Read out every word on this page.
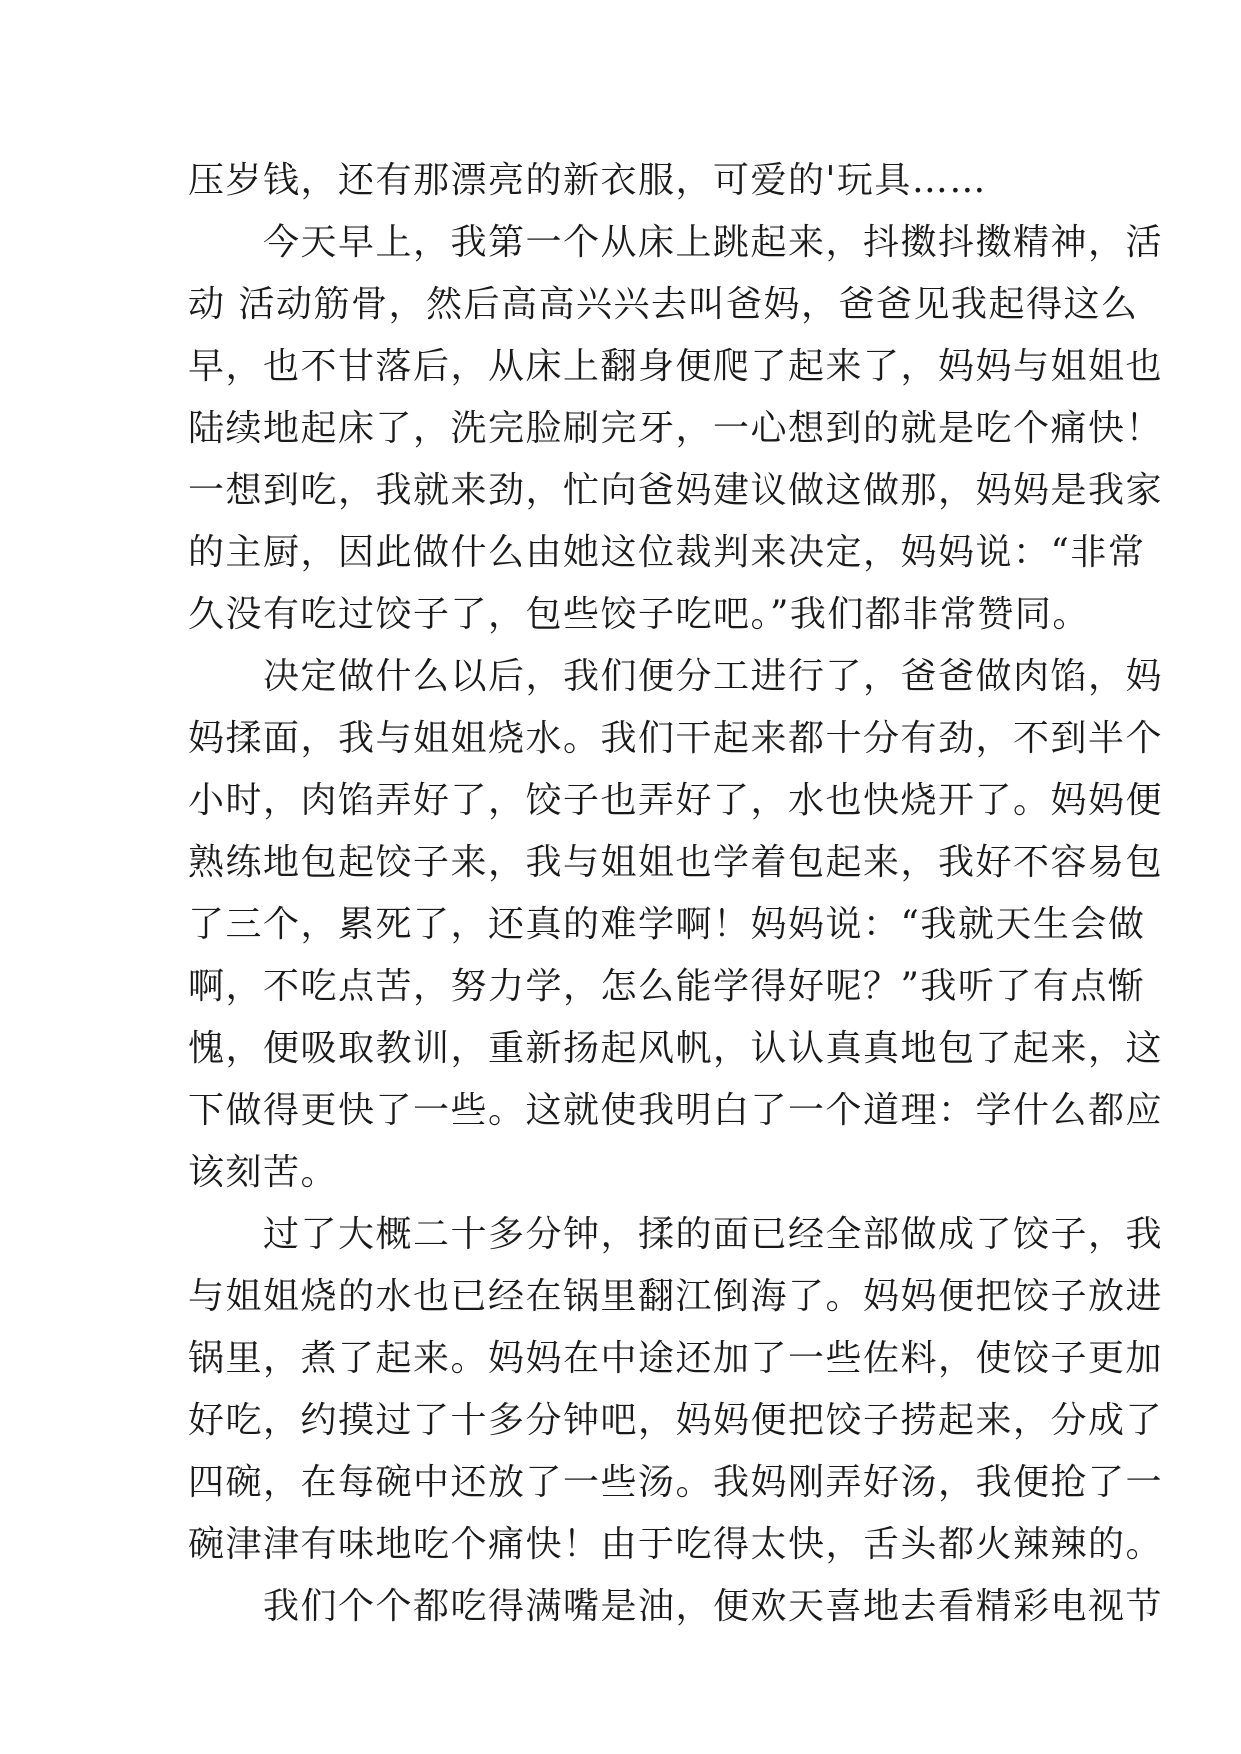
压岁钱，还有那漂亮的新衣服，可爱的'玩具……
　　今天早上，我第一个从床上跳起来，抖擞抖擞精神，活
动 活动筋骨，然后高高兴兴去叫爸妈，爸爸见我起得这么
早，也不甘落后，从床上翻身便爬了起来了，妈妈与姐姐也
陆续地起床了，洗完脸刷完牙，一心想到的就是吃个痛快！
一想到吃，我就来劲，忙向爸妈建议做这做那，妈妈是我家
的主厨，因此做什么由她这位裁判来决定，妈妈说：“非常
久没有吃过饺子了，包些饺子吃吧。”我们都非常赞同。
　　决定做什么以后，我们便分工进行了，爸爸做肉馅，妈
妈揉面，我与姐姐烧水。我们干起来都十分有劲，不到半个
小时，肉馅弄好了，饺子也弄好了，水也快烧开了。妈妈便
熟练地包起饺子来，我与姐姐也学着包起来，我好不容易包
了三个，累死了，还真的难学啊！妈妈说：“我就天生会做
啊，不吃点苦，努力学，怎么能学得好呢？”我听了有点惭
愧，便吸取教训，重新扬起风帆，认认真真地包了起来，这
下做得更快了一些。这就使我明白了一个道理：学什么都应
该刻苦。
　　过了大概二十多分钟，揉的面已经全部做成了饺子，我
与姐姐烧的水也已经在锅里翻江倒海了。妈妈便把饺子放进
锅里，煮了起来。妈妈在中途还加了一些佐料，使饺子更加
好吃，约摸过了十多分钟吧，妈妈便把饺子捞起来，分成了
四碗，在每碗中还放了一些汤。我妈刚弄好汤，我便抢了一
碗津津有味地吃个痛快！由于吃得太快，舌头都火辣辣的。
　　我们个个都吃得满嘴是油，便欢天喜地去看精彩电视节
